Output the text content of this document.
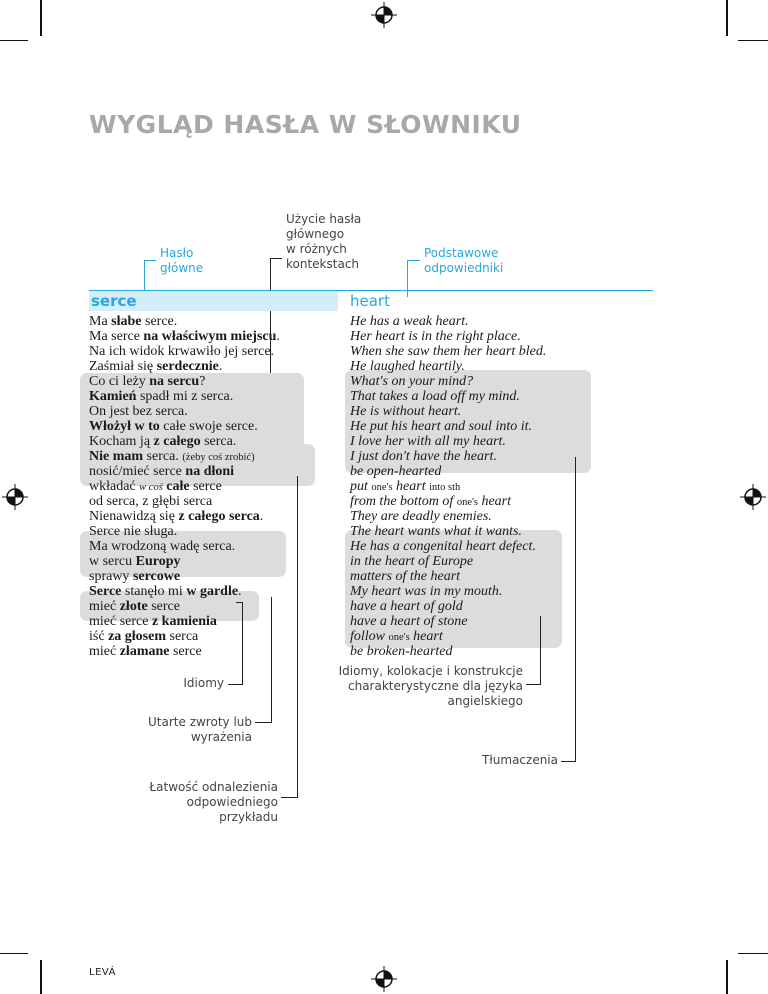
WYGLĄD HASŁA W SŁOWNIKU
Hasło
główne
Użycie hasła
głównego
w różnych
kontekstach
Podstawowe
odpowiedniki
serce	heart
Ma słabe serce.
Ma serce na właściwym miejscu.
Na ich widok krwawiło jej serce.
Zaśmiał się serdecznie.
Co ci leży na sercu?
Kamień spadł mi z serca.
On jest bez serca.
Włożył w to całe swoje serce.
Kocham ją z całego serca.
Nie mam serca. (żeby coś zrobić)
nosić/mieć serce na dłoni
wkładać w coś całe serce
od serca, z głębi serca
Nienawidzą się z całego serca.
Serce nie sługa.
Ma wrodzoną wadę serca.
w sercu Europy
sprawy sercowe
Serce stanęło mi w gardle.
mieć złote serce
mieć serce z kamienia
iść za głosem serca
mieć złamane serce
He has a weak heart.
Her heart is in the right place.
When she saw them her heart bled.
He laughed heartily.
What's on your mind?
That takes a load off my mind.
He is without heart.
He put his heart and soul into it.
I love her with all my heart.
I just don't have the heart.
be open-hearted
put one's heart into sth
from the bottom of one's heart
They are deadly enemies.
The heart wants what it wants.
He has a congenital heart defect.
in the heart of Europe
matters of the heart
My heart was in my mouth.
have a heart of gold
have a heart of stone
follow one's heart
be broken-hearted
Idiomy
Idiomy, kolokacje i konstrukcje
charakterystyczne dla języka
angielskiego
Utarte zwroty lub
wyrażenia
Tłumaczenia
Łatwość odnalezienia
odpowiedniego
przykładu
LEVÁ
